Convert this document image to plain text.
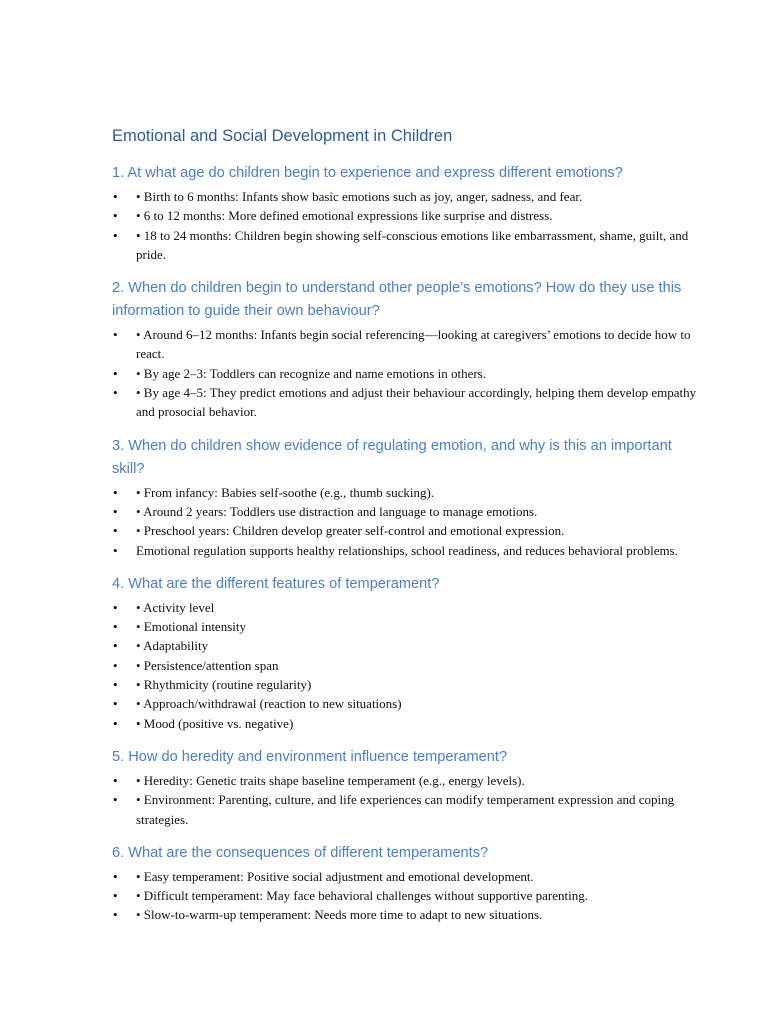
Emotional and Social Development in Children
1. At what age do children begin to experience and express different emotions?
• • Birth to 6 months: Infants show basic emotions such as joy, anger, sadness, and fear.
• • 6 to 12 months: More defined emotional expressions like surprise and distress.
• • 18 to 24 months: Children begin showing self-conscious emotions like embarrassment, shame, guilt, and pride.
2. When do children begin to understand other people’s emotions? How do they use this information to guide their own behaviour?
• • Around 6–12 months: Infants begin social referencing—looking at caregivers’ emotions to decide how to react.
• • By age 2–3: Toddlers can recognize and name emotions in others.
• • By age 4–5: They predict emotions and adjust their behaviour accordingly, helping them develop empathy and prosocial behavior.
3. When do children show evidence of regulating emotion, and why is this an important skill?
• • From infancy: Babies self-soothe (e.g., thumb sucking).
• • Around 2 years: Toddlers use distraction and language to manage emotions.
• • Preschool years: Children develop greater self-control and emotional expression.
• Emotional regulation supports healthy relationships, school readiness, and reduces behavioral problems.
4. What are the different features of temperament?
• • Activity level
• • Emotional intensity
• • Adaptability
• • Persistence/attention span
• • Rhythmicity (routine regularity)
• • Approach/withdrawal (reaction to new situations)
• • Mood (positive vs. negative)
5. How do heredity and environment influence temperament?
• • Heredity: Genetic traits shape baseline temperament (e.g., energy levels).
• • Environment: Parenting, culture, and life experiences can modify temperament expression and coping strategies.
6. What are the consequences of different temperaments?
• • Easy temperament: Positive social adjustment and emotional development.
• • Difficult temperament: May face behavioral challenges without supportive parenting.
• • Slow-to-warm-up temperament: Needs more time to adapt to new situations.
